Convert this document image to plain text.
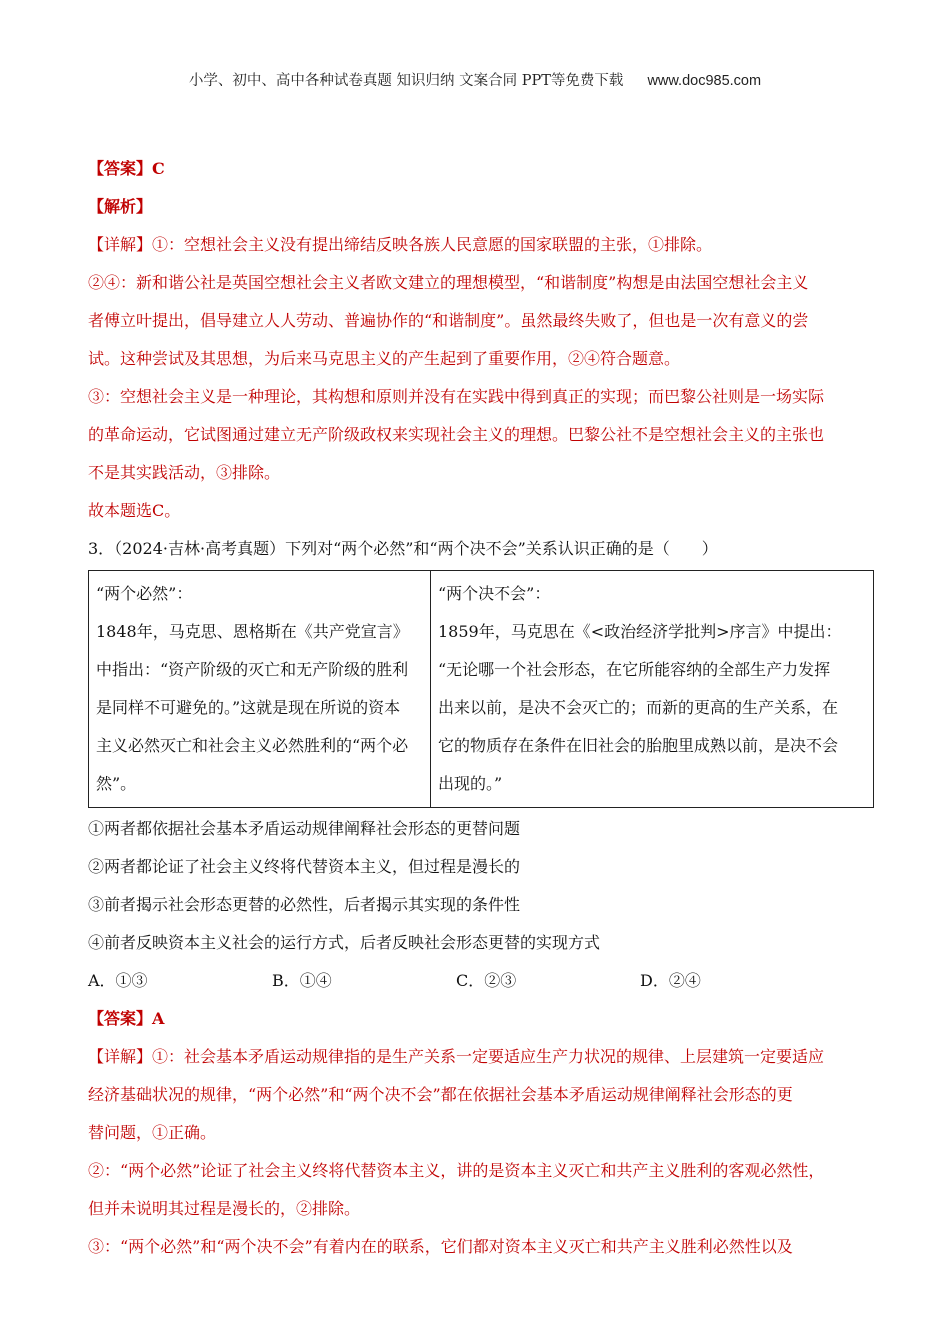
小学、初中、高中各种试卷真题 知识归纳 文案合同 PPT等免费下载 www.doc985.com
【答案】C
【解析】
【详解】①：空想社会主义没有提出缔结反映各族人民意愿的国家联盟的主张，①排除。
②④：新和谐公社是英国空想社会主义者欧文建立的理想模型，“和谐制度”构想是由法国空想社会主义
者傅立叶提出，倡导建立人人劳动、普遍协作的“和谐制度”。虽然最终失败了，但也是一次有意义的尝
试。这种尝试及其思想，为后来马克思主义的产生起到了重要作用，②④符合题意。
③：空想社会主义是一种理论，其构想和原则并没有在实践中得到真正的实现；而巴黎公社则是一场实际
的革命运动，它试图通过建立无产阶级政权来实现社会主义的理想。巴黎公社不是空想社会主义的主张也
不是其实践活动，③排除。
故本题选C。
3．（2024·吉林·高考真题）下列对“两个必然”和“两个决不会”关系认识正确的是（　　）
“两个必然”：
1848年，马克思、恩格斯在《共产党宣言》
中指出：“资产阶级的灭亡和无产阶级的胜利
是同样不可避免的。”这就是现在所说的资本
主义必然灭亡和社会主义必然胜利的“两个必
然”。

“两个决不会”：
1859年，马克思在《<政治经济学批判>序言》中提出：
“无论哪一个社会形态，在它所能容纳的全部生产力发挥
出来以前，是决不会灭亡的；而新的更高的生产关系，在
它的物质存在条件在旧社会的胎胞里成熟以前，是决不会
出现的。”
①两者都依据社会基本矛盾运动规律阐释社会形态的更替问题
②两者都论证了社会主义终将代替资本主义，但过程是漫长的
③前者揭示社会形态更替的必然性，后者揭示其实现的条件性
④前者反映资本主义社会的运行方式，后者反映社会形态更替的实现方式
A．①③	B．①④	C．②③	D．②④
【答案】A
【详解】①：社会基本矛盾运动规律指的是生产关系一定要适应生产力状况的规律、上层建筑一定要适应
经济基础状况的规律，“两个必然”和“两个决不会”都在依据社会基本矛盾运动规律阐释社会形态的更
替问题，①正确。
②：“两个必然”论证了社会主义终将代替资本主义，讲的是资本主义灭亡和共产主义胜利的客观必然性，
但并未说明其过程是漫长的，②排除。
③：“两个必然”和“两个决不会”有着内在的联系，它们都对资本主义灭亡和共产主义胜利必然性以及
